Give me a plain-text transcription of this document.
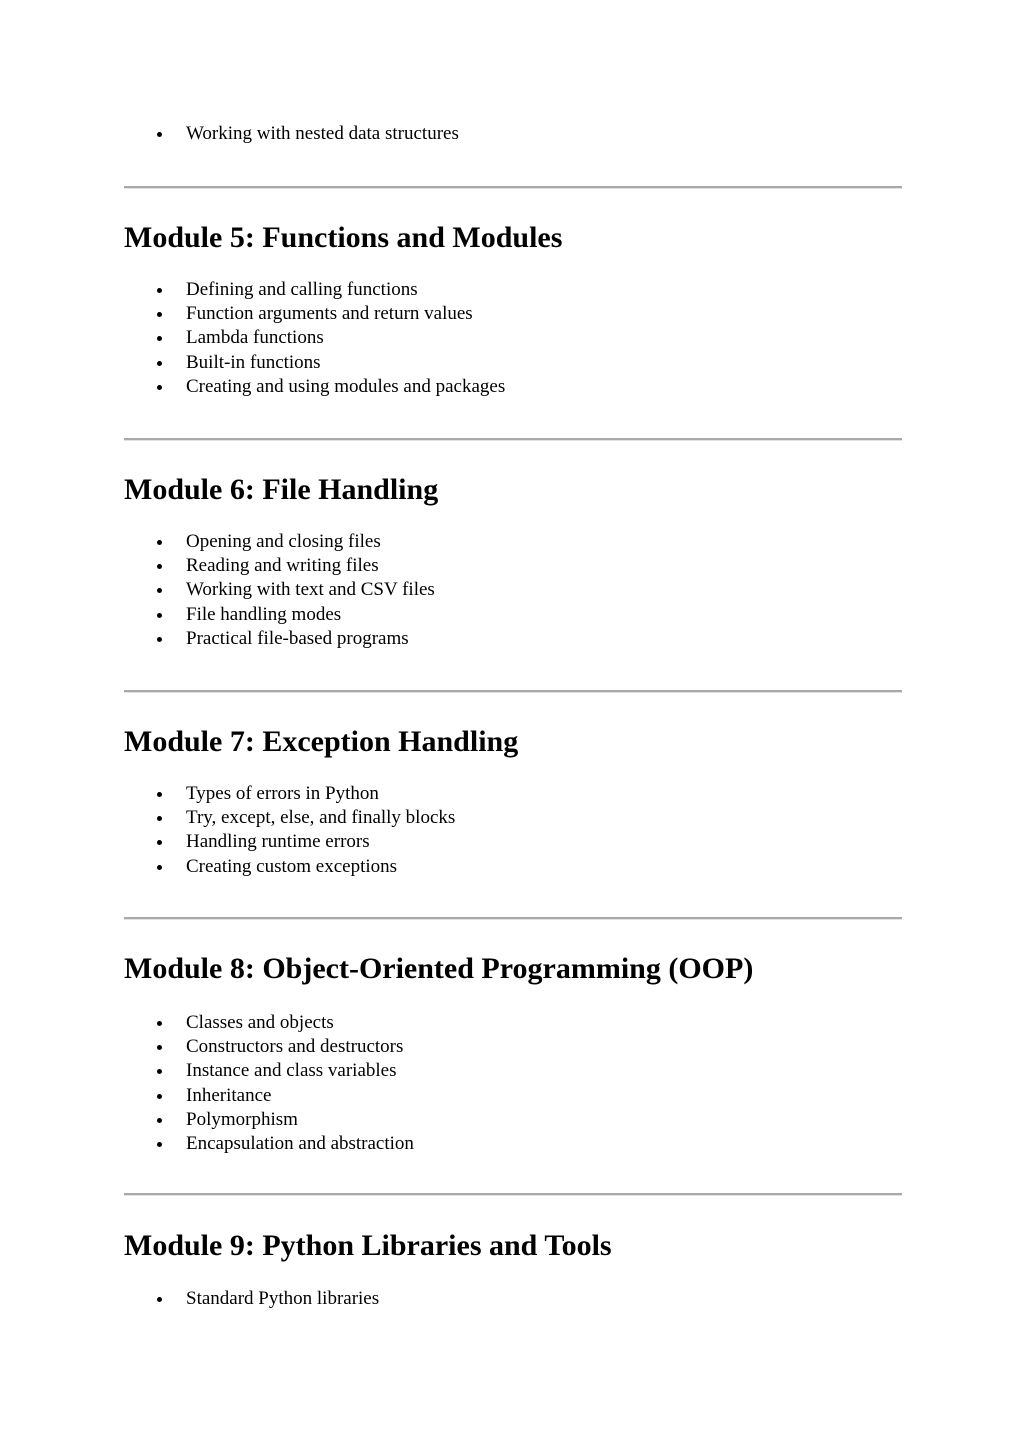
Working with nested data structures
Module 5: Functions and Modules
Defining and calling functions
Function arguments and return values
Lambda functions
Built-in functions
Creating and using modules and packages
Module 6: File Handling
Opening and closing files
Reading and writing files
Working with text and CSV files
File handling modes
Practical file-based programs
Module 7: Exception Handling
Types of errors in Python
Try, except, else, and finally blocks
Handling runtime errors
Creating custom exceptions
Module 8: Object-Oriented Programming (OOP)
Classes and objects
Constructors and destructors
Instance and class variables
Inheritance
Polymorphism
Encapsulation and abstraction
Module 9: Python Libraries and Tools
Standard Python libraries
